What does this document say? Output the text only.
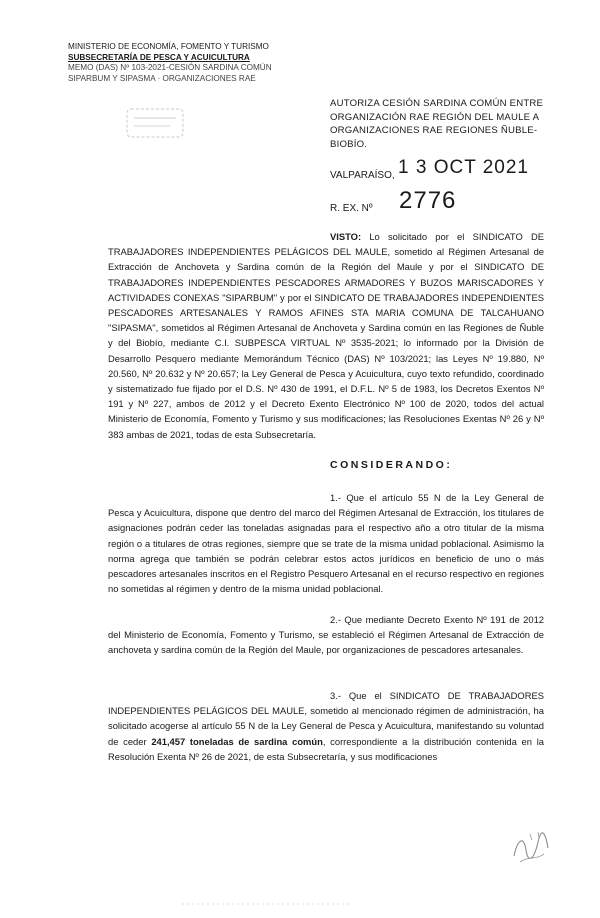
MINISTERIO DE ECONOMÍA, FOMENTO Y TURISMO
SUBSECRETARÍA DE PESCA Y ACUICULTURA
MEMO (DAS) Nº 103-2021-CESIÓN SARDINA COMÚN
SIPARBUM Y SIPASMA · ORGANIZACIONES RAE
AUTORIZA CESIÓN SARDINA COMÚN ENTRE ORGANIZACIÓN RAE REGIÓN DEL MAULE A ORGANIZACIONES RAE REGIONES ÑUBLE-BIOBÍO.
VALPARAÍSO, 1 3 OCT 2021
R. EX. Nº 2776
VISTO: Lo solicitado por el SINDICATO DE TRABAJADORES INDEPENDIENTES PELÁGICOS DEL MAULE, sometido al Régimen Artesanal de Extracción de Anchoveta y Sardina común de la Región del Maule y por el SINDICATO DE TRABAJADORES INDEPENDIENTES PESCADORES ARMADORES Y BUZOS MARISCADORES Y ACTIVIDADES CONEXAS "SIPARBUM" y por el SINDICATO DE TRABAJADORES INDEPENDIENTES PESCADORES ARTESANALES Y RAMOS AFINES STA MARIA COMUNA DE TALCAHUANO "SIPASMA", sometidos al Régimen Artesanal de Anchoveta y Sardina común en las Regiones de Ñuble y del Biobío, mediante C.I. SUBPESCA VIRTUAL Nº 3535-2021; lo informado por la División de Desarrollo Pesquero mediante Memorándum Técnico (DAS) Nº 103/2021; las Leyes Nº 19.880, Nº 20.560, Nº 20.632 y Nº 20.657; la Ley General de Pesca y Acuicultura, cuyo texto refundido, coordinado y sistematizado fue fijado por el D.S. Nº 430 de 1991, el D.F.L. Nº 5 de 1983, los Decretos Exentos Nº 191 y Nº 227, ambos de 2012 y el Decreto Exento Electrónico Nº 100 de 2020, todos del actual Ministerio de Economía, Fomento y Turismo y sus modificaciones; las Resoluciones Exentas Nº 26 y Nº 383 ambas de 2021, todas de esta Subsecretaría.
CONSIDERANDO:
1.- Que el artículo 55 N de la Ley General de Pesca y Acuicultura, dispone que dentro del marco del Régimen Artesanal de Extracción, los titulares de asignaciones podrán ceder las toneladas asignadas para el respectivo año a otro titular de la misma región o a titulares de otras regiones, siempre que se trate de la misma unidad poblacional. Asimismo la norma agrega que también se podrán celebrar estos actos jurídicos en beneficio de uno o más pescadores artesanales inscritos en el Registro Pesquero Artesanal en el recurso respectivo en regiones no sometidas al régimen y dentro de la misma unidad poblacional.
2.- Que mediante Decreto Exento Nº 191 de 2012 del Ministerio de Economía, Fomento y Turismo, se estableció el Régimen Artesanal de Extracción de anchoveta y sardina común de la Región del Maule, por organizaciones de pescadores artesanales.
3.- Que el SINDICATO DE TRABAJADORES INDEPENDIENTES PELÁGICOS DEL MAULE, sometido al mencionado régimen de administración, ha solicitado acogerse al artículo 55 N de la Ley General de Pesca y Acuicultura, manifestando su voluntad de ceder 241,457 toneladas de sardina común, correspondiente a la distribución contenida en la Resolución Exenta Nº 26 de 2021, de esta Subsecretaría, y sus modificaciones
